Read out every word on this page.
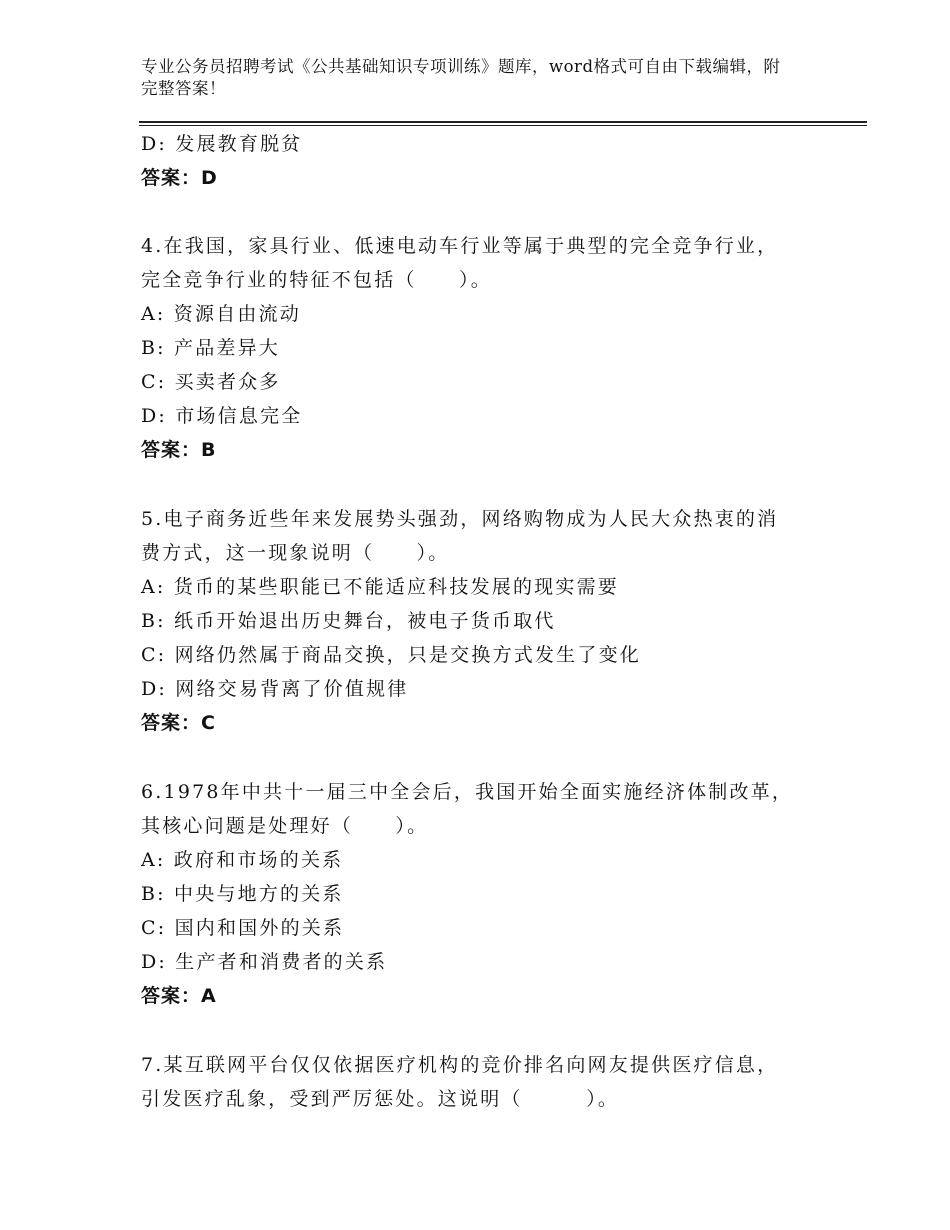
专业公务员招聘考试《公共基础知识专项训练》题库，word格式可自由下载编辑，附完整答案！
D: 发展教育脱贫
答案：D
4.在我国，家具行业、低速电动车行业等属于典型的完全竞争行业，
完全竞争行业的特征不包括（　　）。
A: 资源自由流动
B: 产品差异大
C: 买卖者众多
D: 市场信息完全
答案：B
5.电子商务近些年来发展势头强劲，网络购物成为人民大众热衷的消
费方式，这一现象说明（　　）。
A: 货币的某些职能已不能适应科技发展的现实需要
B: 纸币开始退出历史舞台，被电子货币取代
C: 网络仍然属于商品交换，只是交换方式发生了变化
D: 网络交易背离了价值规律
答案：C
6.1978年中共十一届三中全会后，我国开始全面实施经济体制改革，
其核心问题是处理好（　　）。
A: 政府和市场的关系
B: 中央与地方的关系
C: 国内和国外的关系
D: 生产者和消费者的关系
答案：A
7.某互联网平台仅仅依据医疗机构的竞价排名向网友提供医疗信息，
引发医疗乱象，受到严厉惩处。这说明（　　　）。
